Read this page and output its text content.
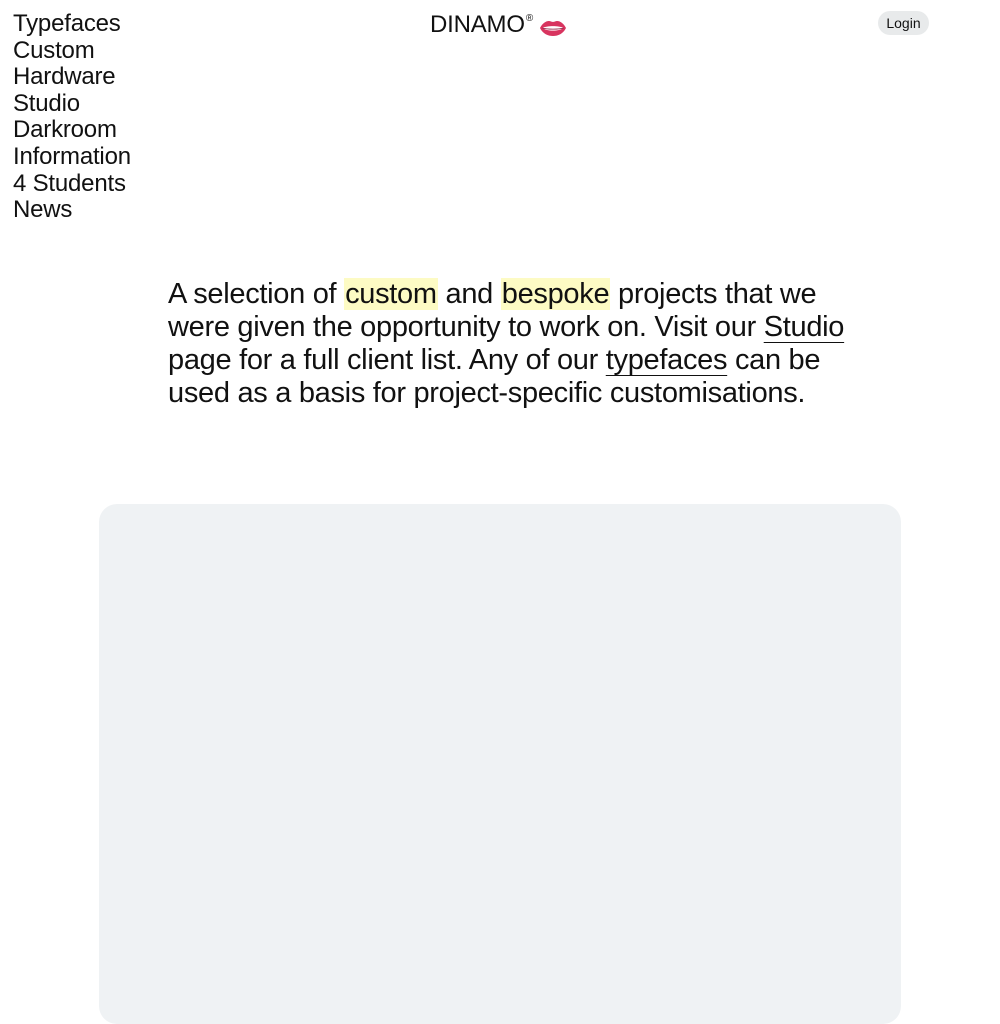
Typefaces
Custom
Hardware
Studio
Darkroom
Information
4 Students
News
DINAMO ®	Login

A selection of custom and bespoke projects that we were given the opportunity to work on. Visit our Studio page for a full client list. Any of our typefaces can be used as a basis for project-specific customisations.
